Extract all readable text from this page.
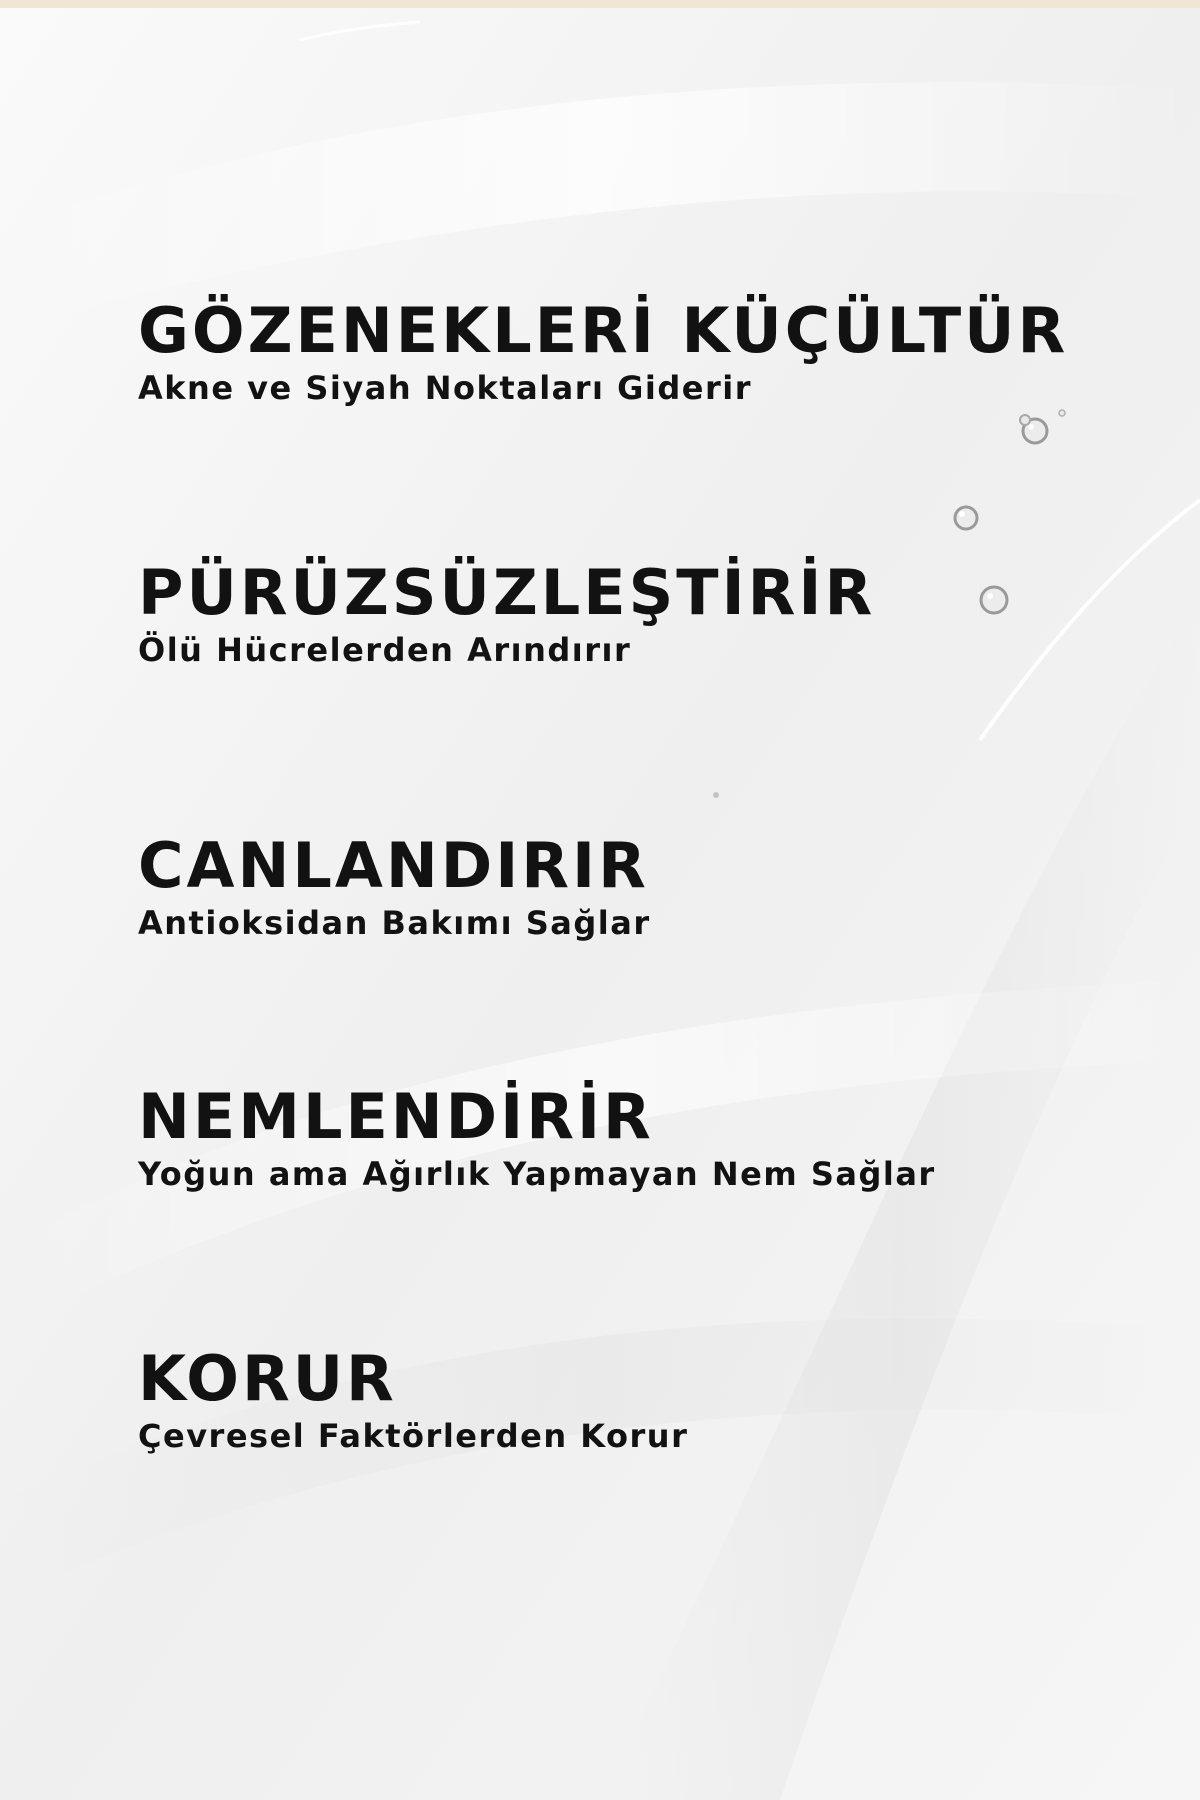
GÖZENEKLERİ KÜÇÜLTÜR
Akne ve Siyah Noktaları Giderir
PÜRÜZSÜZLEŞTİRİR
Ölü Hücrelerden Arındırır
CANLANDIRIR
Antioksidan Bakımı Sağlar
NEMLENDİRİR
Yoğun ama Ağırlık Yapmayan Nem Sağlar
KORUR
Çevresel Faktörlerden Korur
